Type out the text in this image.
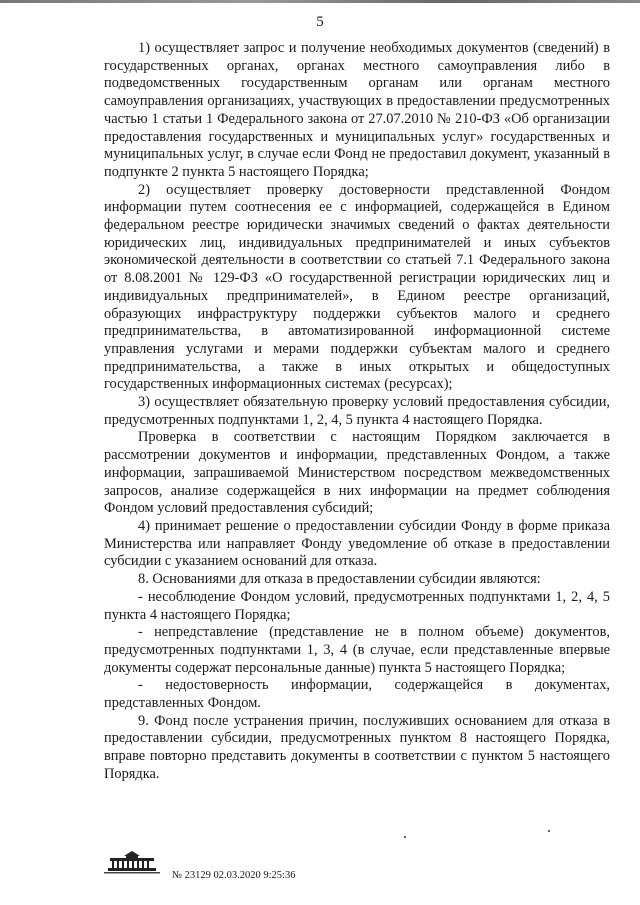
5

1) осуществляет запрос и получение необходимых документов (сведений) в государственных органах, органах местного самоуправления либо в подведомственных государственным органам или органам местного самоуправления организациях, участвующих в предоставлении предусмотренных частью 1 статьи 1 Федерального закона от 27.07.2010 № 210-ФЗ «Об организации предоставления государственных и муниципальных услуг» государственных и муниципальных услуг, в случае если Фонд не предоставил документ, указанный в подпункте 2 пункта 5 настоящего Порядка;

2) осуществляет проверку достоверности представленной Фондом информации путем соотнесения ее с информацией, содержащейся в Едином федеральном реестре юридически значимых сведений о фактах деятельности юридических лиц, индивидуальных предпринимателей и иных субъектов экономической деятельности в соответствии со статьей 7.1 Федерального закона от 8.08.2001 № 129-ФЗ «О государственной регистрации юридических лиц и индивидуальных предпринимателей», в Едином реестре организаций, образующих инфраструктуру поддержки субъектов малого и среднего предпринимательства, в автоматизированной информационной системе управления услугами и мерами поддержки субъектам малого и среднего предпринимательства, а также в иных открытых и общедоступных государственных информационных системах (ресурсах);

3) осуществляет обязательную проверку условий предоставления субсидии, предусмотренных подпунктами 1, 2, 4, 5 пункта 4 настоящего Порядка.

Проверка в соответствии с настоящим Порядком заключается в рассмотрении документов и информации, представленных Фондом, а также информации, запрашиваемой Министерством посредством межведомственных запросов, анализе содержащейся в них информации на предмет соблюдения Фондом условий предоставления субсидий;

4) принимает решение о предоставлении субсидии Фонду в форме приказа Министерства или направляет Фонду уведомление об отказе в предоставлении субсидии с указанием оснований для отказа.

8. Основаниями для отказа в предоставлении субсидии являются:

- несоблюдение Фондом условий, предусмотренных подпунктами 1, 2, 4, 5 пункта 4 настоящего Порядка;

- непредставление (представление не в полном объеме) документов, предусмотренных подпунктами 1, 3, 4 (в случае, если представленные впервые документы содержат персональные данные) пункта 5 настоящего Порядка;

- недостоверность информации, содержащейся в документах, представленных Фондом.

9. Фонд после устранения причин, послуживших основанием для отказа в предоставлении субсидии, предусмотренных пунктом 8 настоящего Порядка, вправе повторно представить документы в соответствии с пунктом 5 настоящего Порядка.

№ 23129 02.03.2020 9:25:36
